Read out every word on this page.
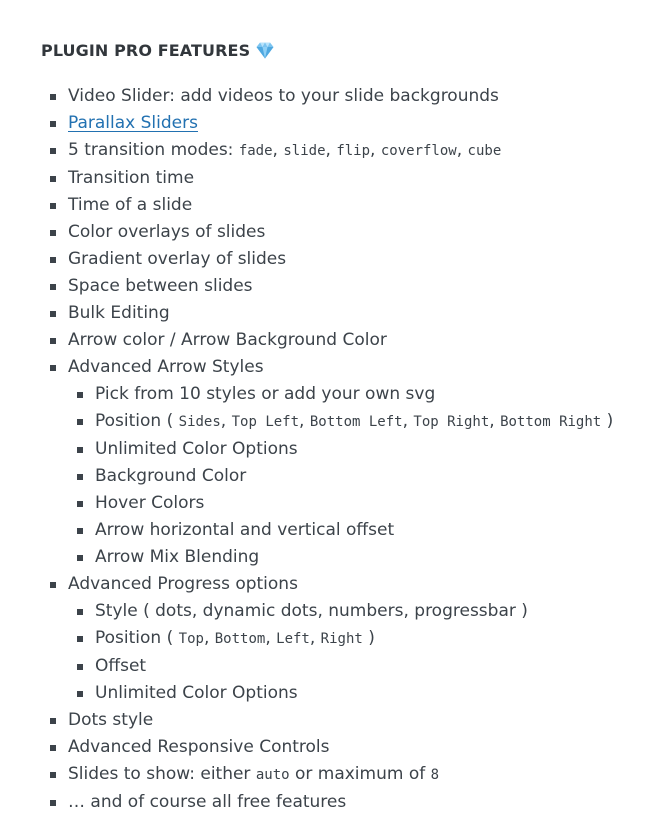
PLUGIN PRO FEATURES
Video Slider: add videos to your slide backgrounds
Parallax Sliders
5 transition modes: fade, slide, flip, coverflow, cube
Transition time
Time of a slide
Color overlays of slides
Gradient overlay of slides
Space between slides
Bulk Editing
Arrow color / Arrow Background Color
Advanced Arrow Styles
Pick from 10 styles or add your own svg
Position ( Sides, Top Left, Bottom Left, Top Right, Bottom Right )
Unlimited Color Options
Background Color
Hover Colors
Arrow horizontal and vertical offset
Arrow Mix Blending
Advanced Progress options
Style ( dots, dynamic dots, numbers, progressbar )
Position ( Top, Bottom, Left, Right )
Offset
Unlimited Color Options
Dots style
Advanced Responsive Controls
Slides to show: either auto or maximum of 8
… and of course all free features
